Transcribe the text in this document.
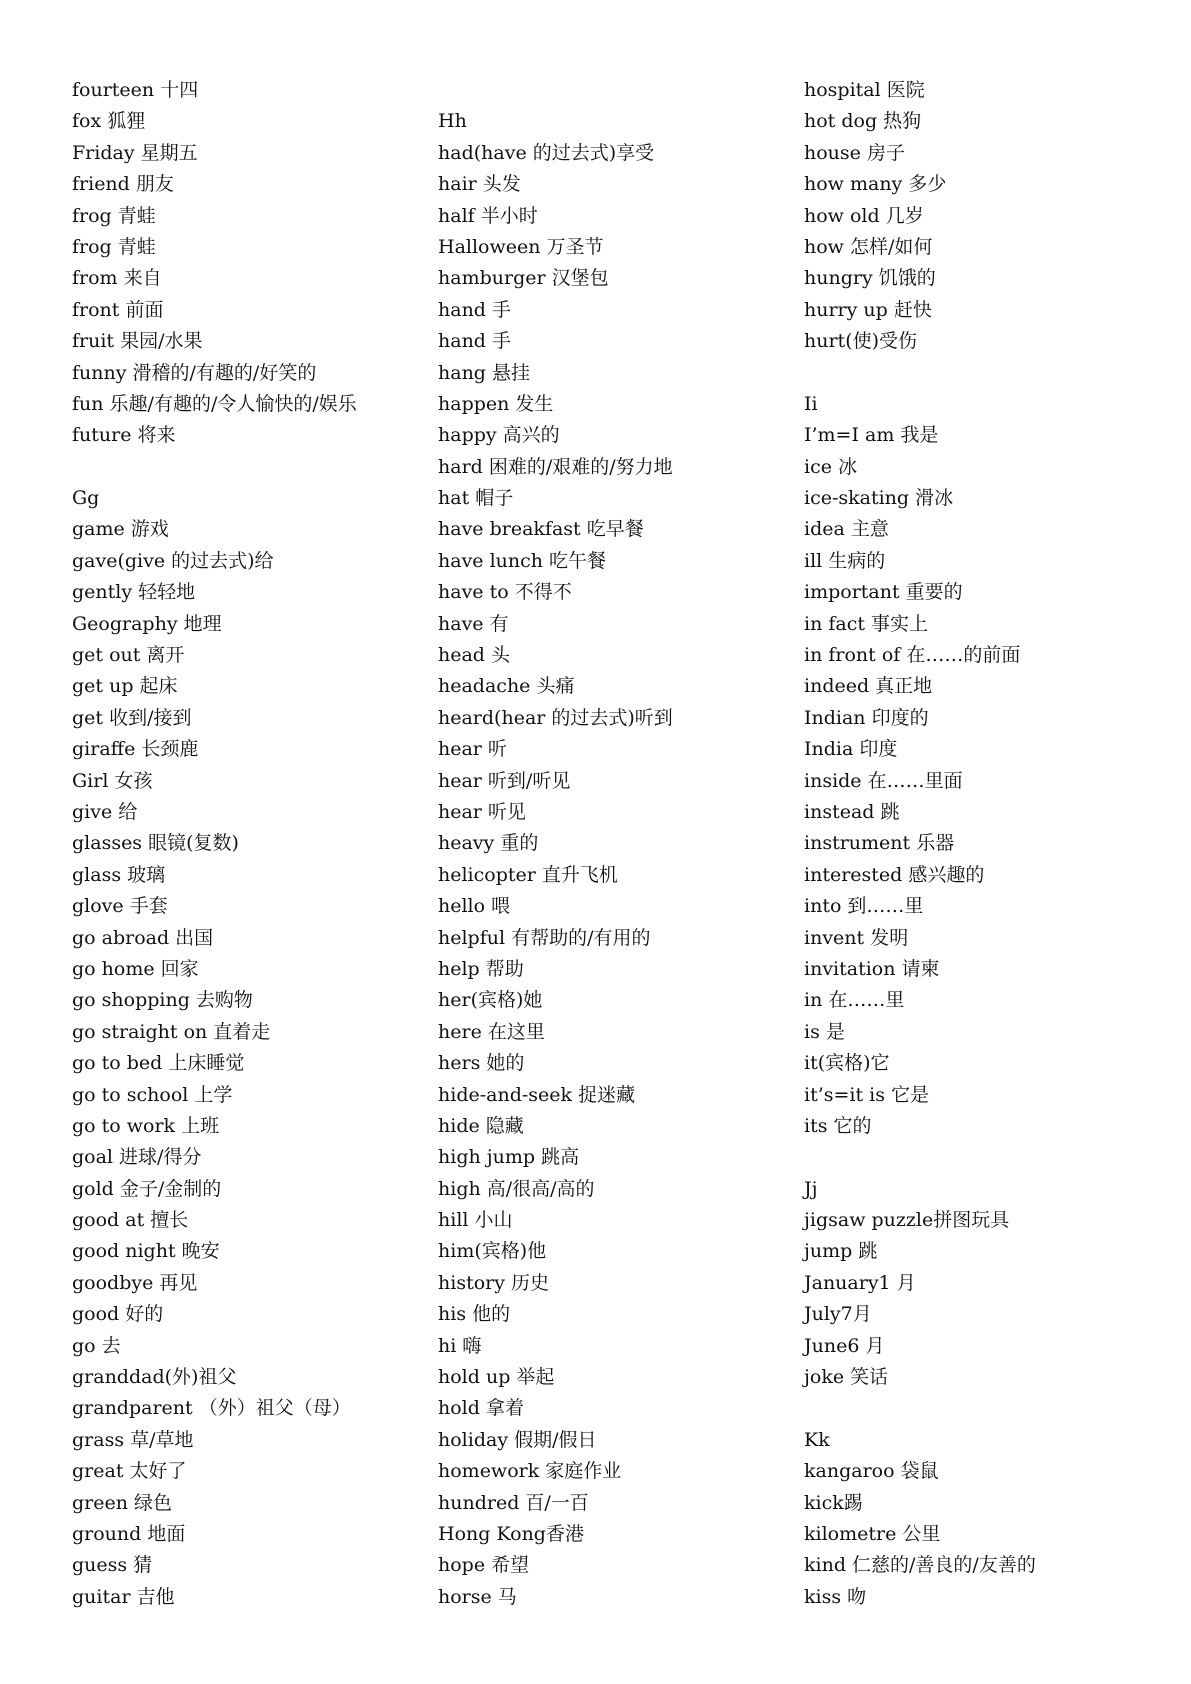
fourteen 十四
fox 狐狸
Friday 星期五
friend 朋友
frog 青蛙
frog 青蛙
from 来自
front 前面
fruit 果园/水果
funny 滑稽的/有趣的/好笑的
fun 乐趣/有趣的/令人愉快的/娱乐
future 将来
Gg
game 游戏
gave(give 的过去式)给
gently 轻轻地
Geography 地理
get out 离开
get up 起床
get 收到/接到
giraffe 长颈鹿
Girl 女孩
give 给
glasses 眼镜(复数)
glass 玻璃
glove 手套
go abroad 出国
go home 回家
go shopping 去购物
go straight on 直着走
go to bed 上床睡觉
go to school 上学
go to work 上班
goal 进球/得分
gold 金子/金制的
good at 擅长
good night 晚安
goodbye 再见
good 好的
go 去
granddad(外)祖父
grandparent （外）祖父（母）
grass 草/草地
great 太好了
green 绿色
ground 地面
guess 猜
guitar 吉他
Hh
had(have 的过去式)享受
hair 头发
half 半小时
Halloween 万圣节
hamburger 汉堡包
hand 手
hand 手
hang 悬挂
happen 发生
happy 高兴的
hard 困难的/艰难的/努力地
hat 帽子
have breakfast 吃早餐
have lunch 吃午餐
have to 不得不
have 有
head 头
headache 头痛
heard(hear 的过去式)听到
hear 听
hear 听到/听见
hear 听见
heavy 重的
helicopter 直升飞机
hello 喂
helpful 有帮助的/有用的
help 帮助
her(宾格)她
here 在这里
hers 她的
hide-and-seek 捉迷藏
hide 隐藏
high jump 跳高
high 高/很高/高的
hill 小山
him(宾格)他
history 历史
his 他的
hi 嗨
hold up 举起
hold 拿着
holiday 假期/假日
homework 家庭作业
hundred 百/一百
Hong Kong香港
hope 希望
horse 马
hospital 医院
hot dog 热狗
house 房子
how many 多少
how old 几岁
how 怎样/如何
hungry 饥饿的
hurry up 赶快
hurt(使)受伤
Ii
I’m=I am 我是
ice 冰
ice-skating 滑冰
idea 主意
ill 生病的
important 重要的
in fact 事实上
in front of 在……的前面
indeed 真正地
Indian 印度的
India 印度
inside 在……里面
instead 跳
instrument 乐器
interested 感兴趣的
into 到……里
invent 发明
invitation 请柬
in 在……里
is 是
it(宾格)它
it’s=it is 它是
its 它的
Jj
jigsaw puzzle拼图玩具
jump 跳
January1 月
July7月
June6 月
joke 笑话
Kk
kangaroo 袋鼠
kick踢
kilometre 公里
kind 仁慈的/善良的/友善的
kiss 吻
